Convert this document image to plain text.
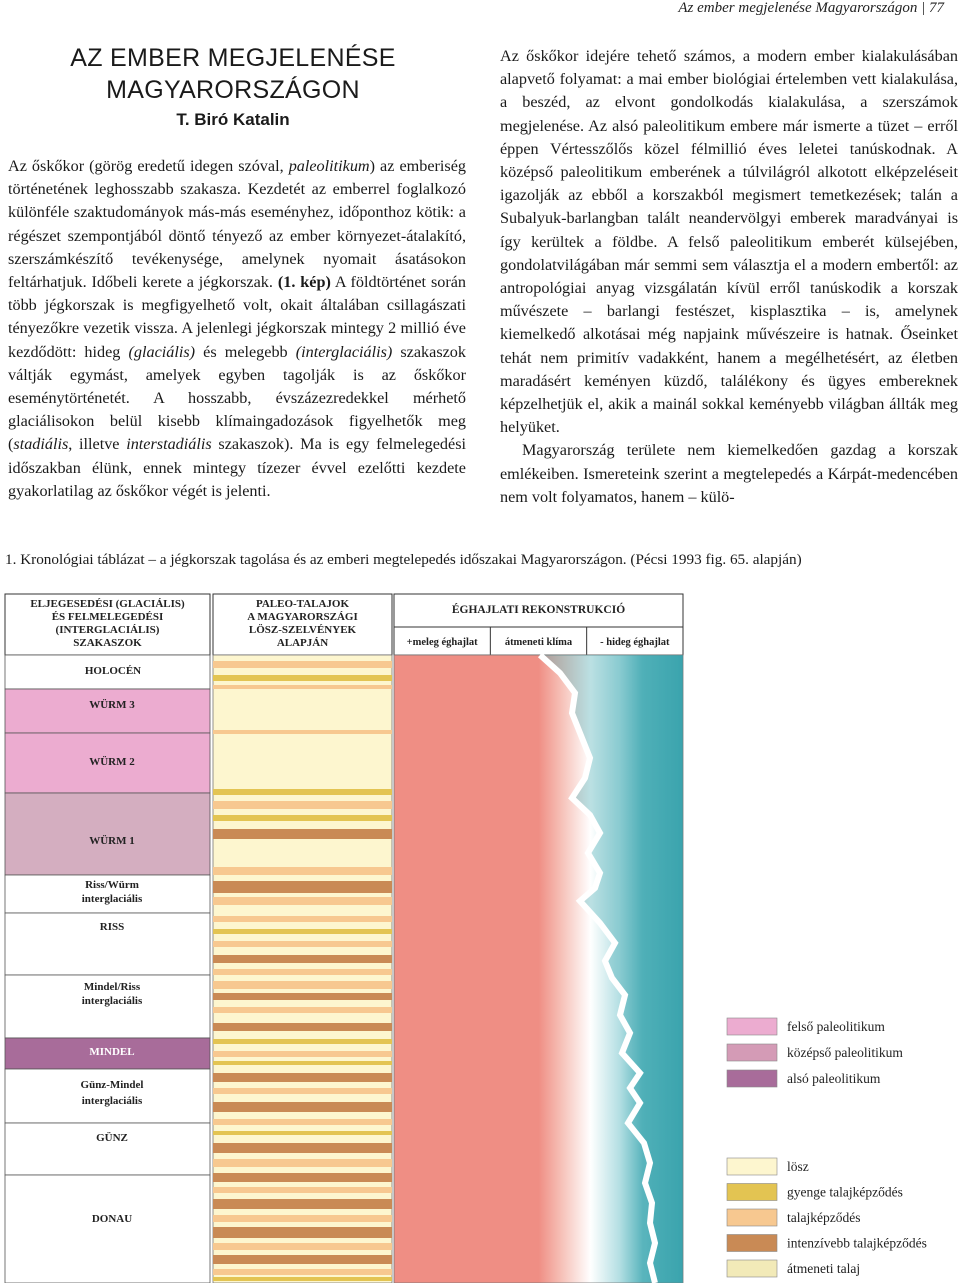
Az ember megjelenése Magyarországon | 77
AZ EMBER MEGJELENÉSE MAGYARORSZÁGON
T. Biró Katalin

Az őskőkor (görög eredetű idegen szóval, paleolitikum) az emberiség történetének leghosszabb szakasza. Kezdetét az emberrel foglalkozó különféle szaktudományok más-más eseményhez, időponthoz kötik: a régészet szempontjából döntő tényező az ember környezet-átalakító, szerszámkészítő tevékenysége, amelynek nyomait ásatásokon feltárhatjuk. Időbeli kerete a jégkorszak. (1. kép) A földtörténet során több jégkorszak is megfigyelhető volt, okait általában csillagászati tényezőkre vezetik vissza. A jelenlegi jégkorszak mintegy 2 millió éve kezdődött: hideg (glaciális) és melegebb (interglaciális) szakaszok váltják egymást, amelyek egyben tagolják is az őskőkor eseménytörténetét. A hosszabb, évszázezredekkel mérhető glaciálisokon belül kisebb klímaingadozások figyelhetők meg (stadiális, illetve interstadiális szakaszok). Ma is egy felmelegedési időszakban élünk, ennek mintegy tízezer évvel ezelőtti kezdete gyakorlatilag az őskőkor végét is jelenti.

Az őskőkor idejére tehető számos, a modern ember kialakulásában alapvető folyamat: a mai ember biológiai értelemben vett kialakulása, a beszéd, az elvont gondolkodás kialakulása, a szerszámok megjelenése. Az alsó paleolitikum embere már ismerte a tüzet – erről éppen Vértesszőlős közel félmillió éves leletei tanúskodnak. A középső paleolitikum emberének a túlvilágról alkotott elképzeléseit igazolják az ebből a korszakból megismert temetkezések; talán a Subalyuk-barlangban talált neandervölgyi emberek maradványai is így kerültek a földbe. A felső paleolitikum emberét külsejében, gondolatvilágában már semmi sem választja el a modern embertől: az antropológiai anyag vizsgálatán kívül erről tanúskodik a korszak művészete – barlangi festészet, kisplasztika – is, amelynek kiemelkedő alkotásai még napjaink művészeire is hatnak. Őseinket tehát nem primitív vadakként, hanem a megélhetésért, az életben maradásért keményen küzdő, találékony és ügyes embereknek képzelhetjük el, akik a mainál sokkal keményebb világban állták meg helyüket.

Magyarország területe nem kiemelkedően gazdag a korszak emlékeiben. Ismereteink szerint a megtelepedés a Kárpát-medencében nem volt folyamatos, hanem – külö-

1. Kronológiai táblázat – a jégkorszak tagolása és az emberi megtelepedés időszakai Magyarországon. (Pécsi 1993 fig. 65. alapján)
HOLOCÉN
WÜRM 3
WÜRM 2
WÜRM 1
Riss/Würm
interglaciális
RISS
Mindel/Riss
interglaciális
MINDEL
Günz-Mindel
interglaciális
GÜNZ
DONAU
ELJEGESEDÉSI (GLACIÁLIS)
ÉS FELMELEGEDÉSI
(INTERGLACIÁLIS)
SZAKASZOK
PALEO-TALAJOK
A MAGYARORSZÁGI
LÖSZ-SZELVÉNYEK
ALAPJÁN
ÉGHAJLATI REKONSTRUKCIÓ
+meleg éghajlat	átmeneti klíma	- hideg éghajlat
felső paleolitikum
középső paleolitikum
alsó paleolitikum
lösz
gyenge talajképződés
talajképződés
intenzívebb talajképződés
átmeneti talaj
